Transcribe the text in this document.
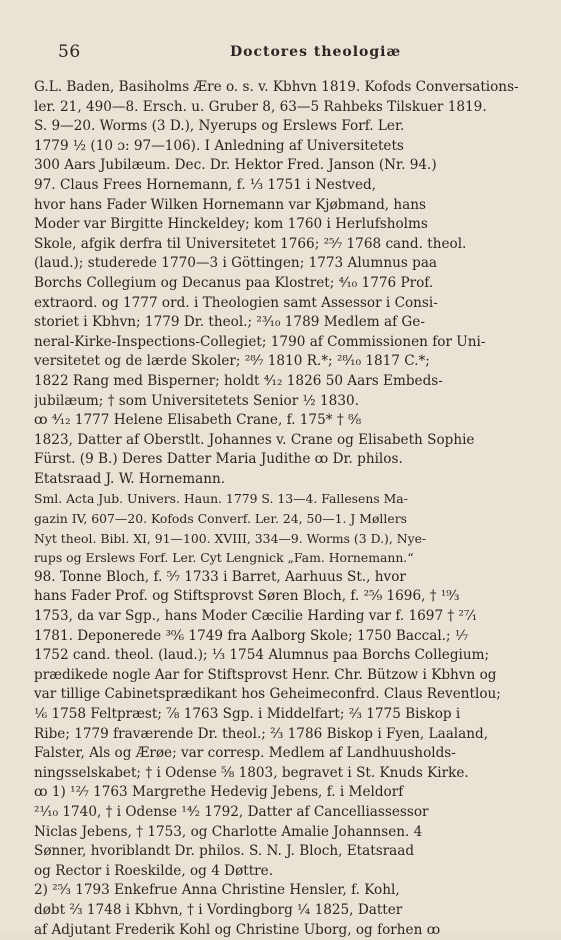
56	Doctores theologiæ
G.L. Baden, Basiholms Ære o. s. v. Kbhvn 1819. Kofods Conversations-
ler. 21, 490—8. Ersch. u. Gruber 8, 63—5 Rahbeks Tilskuer 1819.
S. 9—20. Worms (3 D.), Nyerups og Erslews Forf. Ler.
1779 ½ (10 ɔ: 97—106). I Anledning af Universitetets
300 Aars Jubilæum. Dec. Dr. Hektor Fred. Janson (Nr. 94.)
97. Claus Frees Hornemann, f. ⅓ 1751 i Nestved,
hvor hans Fader Wilken Hornemann var Kjøbmand, hans
Moder var Birgitte Hinckeldey; kom 1760 i Herlufsholms
Skole, afgik derfra til Universitetet 1766; ²⁵⁄₇ 1768 cand. theol.
(laud.); studerede 1770—3 i Göttingen; 1773 Alumnus paa
Borchs Collegium og Decanus paa Klostret; ⁴⁄₁₀ 1776 Prof.
extraord. og 1777 ord. i Theologien samt Assessor i Consi-
storiet i Kbhvn; 1779 Dr. theol.; ²³⁄₁₀ 1789 Medlem af Ge-
neral-Kirke-Inspections-Collegiet; 1790 af Commissionen for Uni-
versitetet og de lærde Skoler; ²⁸⁄₇ 1810 R.*; ²⁸⁄₁₀ 1817 C.*;
1822 Rang med Bisperner; holdt ⁴⁄₁₂ 1826 50 Aars Embeds-
jubilæum; † som Universitetets Senior ½ 1830.
ꝏ ⁴⁄₁₂ 1777 Helene Elisabeth Crane, f. 175* † ⁸⁄₈
1823, Datter af Oberstlt. Johannes v. Crane og Elisabeth Sophie
Fürst. (9 B.) Deres Datter Maria Judithe ꝏ Dr. philos.
Etatsraad J. W. Hornemann.
Sml. Acta Jub. Univers. Haun. 1779 S. 13—4. Fallesens Ma-
gazin IV, 607—20. Kofods Converf. Ler. 24, 50—1. J Møllers
Nyt theol. Bibl. XI, 91—100. XVIII, 334—9. Worms (3 D.), Nye-
rups og Erslews Forf. Ler. Cyt Lengnick „Fam. Hornemann.“
98. Tonne Bloch, f. ⁵⁄₇ 1733 i Barret, Aarhuus St., hvor
hans Fader Prof. og Stiftsprovst Søren Bloch, f. ²⁵⁄₉ 1696, † ¹⁹⁄₃
1753, da var Sgp., hans Moder Cæcilie Harding var f. 1697 † ²⁷⁄₁
1781. Deponerede ³⁰⁄₆ 1749 fra Aalborg Skole; 1750 Baccal.; ¹⁄₇
1752 cand. theol. (laud.); ⅓ 1754 Alumnus paa Borchs Collegium;
prædikede nogle Aar for Stiftsprovst Henr. Chr. Bützow i Kbhvn og
var tillige Cabinetsprædikant hos Geheimeconfrd. Claus Reventlou;
¹⁄₆ 1758 Feltpræst; ⅞ 1763 Sgp. i Middelfart; ²⁄₃ 1775 Biskop i
Ribe; 1779 fraværende Dr. theol.; ⅔ 1786 Biskop i Fyen, Laaland,
Falster, Als og Ærøe; var corresp. Medlem af Landhuusholds-
ningsselskabet; † i Odense ⅝ 1803, begravet i St. Knuds Kirke.
ꝏ 1) ¹²⁄₇ 1763 Margrethe Hedevig Jebens, f. i Meldorf
²¹⁄₁₀ 1740, † i Odense ¹⁴⁄₂ 1792, Datter af Cancelliassessor
Niclas Jebens, † 1753, og Charlotte Amalie Johannsen. 4
Sønner, hvoriblandt Dr. philos. S. N. J. Bloch, Etatsraad
og Rector i Roeskilde, og 4 Døttre.
2) ²⁵⁄₃ 1793 Enkefrue Anna Christine Hensler, f. Kohl,
døbt ⅔ 1748 i Kbhvn, † i Vordingborg ¹⁄₄ 1825, Datter
af Adjutant Frederik Kohl og Christine Uborg, og forhen ꝏ
